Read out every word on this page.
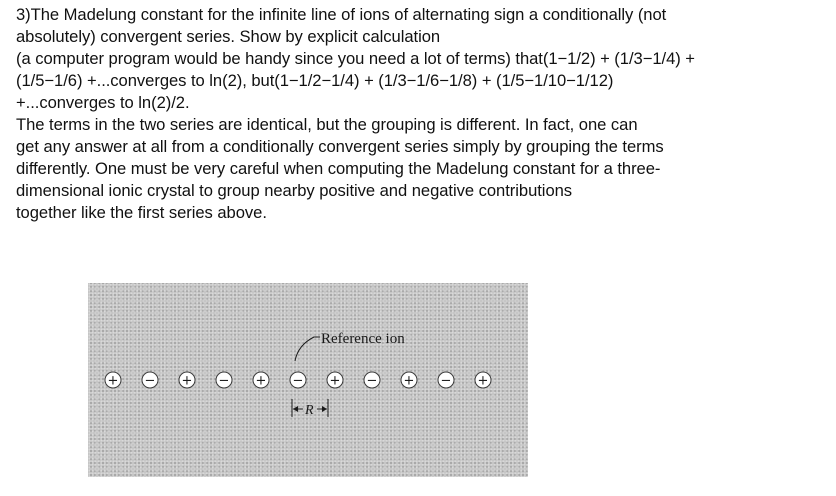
3)The Madelung constant for the infinite line of ions of alternating sign a conditionally (not
absolutely) convergent series. Show by explicit calculation
(a computer program would be handy since you need a lot of terms) that(1−1/2) + (1/3−1/4) +
(1/5−1/6) +...converges to ln(2), but(1−1/2−1/4) + (1/3−1/6−1/8) + (1/5−1/10−1/12)
+...converges to ln(2)/2.
The terms in the two series are identical, but the grouping is different. In fact, one can
get any answer at all from a conditionally convergent series simply by grouping the terms
differently. One must be very careful when computing the Madelung constant for a three-
dimensional ionic crystal to group nearby positive and negative contributions
together like the first series above.
+ − + − + − + − + − +
Reference ion
R
